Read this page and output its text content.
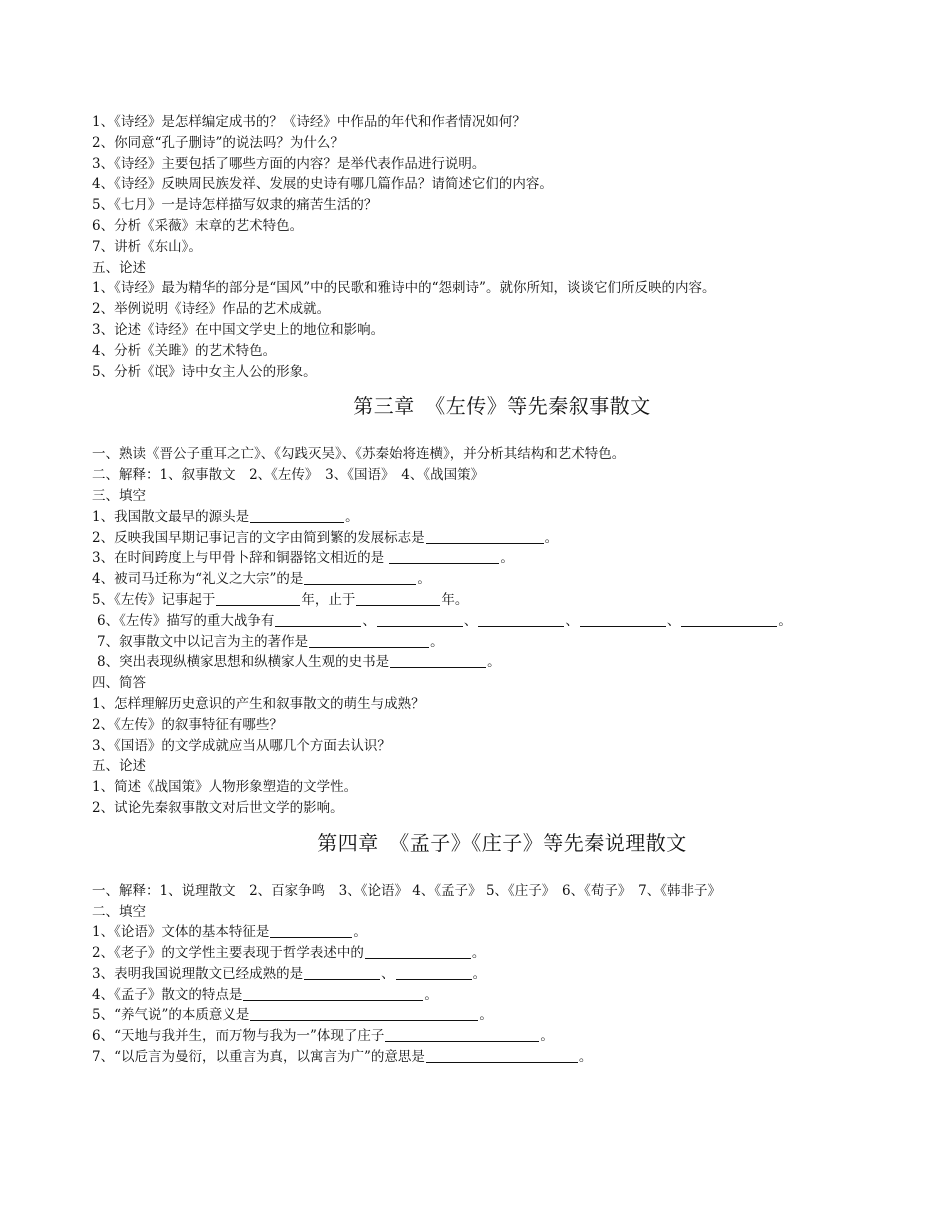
1、《诗经》是怎样编定成书的？《诗经》中作品的年代和作者情况如何？
2、你同意“孔子删诗”的说法吗？为什么？
3、《诗经》主要包括了哪些方面的内容？是举代表作品进行说明。
4、《诗经》反映周民族发祥、发展的史诗有哪几篇作品？请简述它们的内容。
5、《七月》一是诗怎样描写奴隶的痛苦生活的？
6、分析《采薇》末章的艺术特色。
7、讲析《东山》。
五、论述
1、《诗经》最为精华的部分是“国风”中的民歌和雅诗中的“怨刺诗”。就你所知，谈谈它们所反映的内容。
2、举例说明《诗经》作品的艺术成就。
3、论述《诗经》在中国文学史上的地位和影响。
4、分析《关雎》的艺术特色。
5、分析《氓》诗中女主人公的形象。
第三章　《左传》等先秦叙事散文
一、熟读《晋公子重耳之亡》、《勾践灭吴》、《苏秦始将连横》，并分析其结构和艺术特色。
二、解释：1、叙事散文　2、《左传》　3、《国语》　4、《战国策》
三、填空
1、我国散文最早的源头是	。
2、反映我国早期记事记言的文字由简到繁的发展标志是	。
3、在时间跨度上与甲骨卜辞和铜器铭文相近的是	。
4、被司马迁称为“礼义之大宗”的是	。
5、《左传》记事起于	年，止于	年。
6、《左传》描写的重大战争有	、	、	、	、	。
7、叙事散文中以记言为主的著作是	。
8、突出表现纵横家思想和纵横家人生观的史书是	。
四、简答
1、怎样理解历史意识的产生和叙事散文的萌生与成熟？
2、《左传》的叙事特征有哪些？
3、《国语》的文学成就应当从哪几个方面去认识？
五、论述
1、简述《战国策》人物形象塑造的文学性。
2、试论先秦叙事散文对后世文学的影响。
第四章　《孟子》《庄子》等先秦说理散文
一、解释：1、说理散文　2、百家争鸣　3、《论语》 4、《孟子》 5、《庄子》　6、《荀子》　7、《韩非子》
二、填空
1、《论语》文体的基本特征是	。
2、《老子》的文学性主要表现于哲学表述中的	。
3、表明我国说理散文已经成熟的是	、	。
4、《孟子》散文的特点是	。
5、“养气说”的本质意义是	。
6、“天地与我并生，而万物与我为一”体现了庄子	。
7、“以卮言为曼衍，以重言为真，以寓言为广”的意思是	。
